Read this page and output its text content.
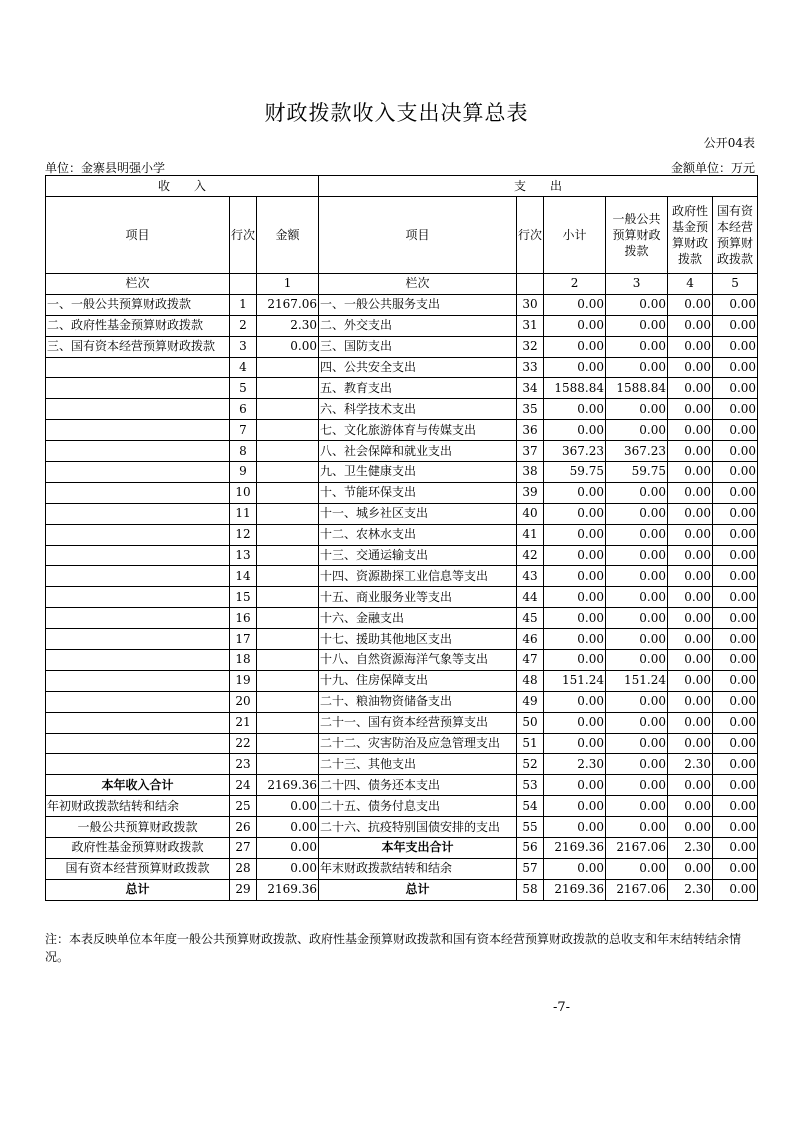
财政拨款收入支出决算总表
公开04表
单位：金寨县明强小学	金额单位：万元
收　　入			支　　出					
项目	行次	金额	项目	行次	小计	一般公共预算财政拨款	政府性基金预算财政拨款	国有资本经营预算财政拨款
栏次		1	栏次		2	3	4	5
一、一般公共预算财政拨款	1	2167.06	一、一般公共服务支出	30	0.00	0.00	0.00	0.00
二、政府性基金预算财政拨款	2	2.30	二、外交支出	31	0.00	0.00	0.00	0.00
三、国有资本经营预算财政拨款	3	0.00	三、国防支出	32	0.00	0.00	0.00	0.00
	4		四、公共安全支出	33	0.00	0.00	0.00	0.00
	5		五、教育支出	34	1588.84	1588.84	0.00	0.00
	6		六、科学技术支出	35	0.00	0.00	0.00	0.00
	7		七、文化旅游体育与传媒支出	36	0.00	0.00	0.00	0.00
	8		八、社会保障和就业支出	37	367.23	367.23	0.00	0.00
	9		九、卫生健康支出	38	59.75	59.75	0.00	0.00
	10		十、节能环保支出	39	0.00	0.00	0.00	0.00
	11		十一、城乡社区支出	40	0.00	0.00	0.00	0.00
	12		十二、农林水支出	41	0.00	0.00	0.00	0.00
	13		十三、交通运输支出	42	0.00	0.00	0.00	0.00
	14		十四、资源勘探工业信息等支出	43	0.00	0.00	0.00	0.00
	15		十五、商业服务业等支出	44	0.00	0.00	0.00	0.00
	16		十六、金融支出	45	0.00	0.00	0.00	0.00
	17		十七、援助其他地区支出	46	0.00	0.00	0.00	0.00
	18		十八、自然资源海洋气象等支出	47	0.00	0.00	0.00	0.00
	19		十九、住房保障支出	48	151.24	151.24	0.00	0.00
	20		二十、粮油物资储备支出	49	0.00	0.00	0.00	0.00
	21		二十一、国有资本经营预算支出	50	0.00	0.00	0.00	0.00
	22		二十二、灾害防治及应急管理支出	51	0.00	0.00	0.00	0.00
	23		二十三、其他支出	52	2.30	0.00	2.30	0.00
本年收入合计	24	2169.36	二十四、债务还本支出	53	0.00	0.00	0.00	0.00
年初财政拨款结转和结余	25	0.00	二十五、债务付息支出	54	0.00	0.00	0.00	0.00
一般公共预算财政拨款	26	0.00	二十六、抗疫特别国债安排的支出	55	0.00	0.00	0.00	0.00
政府性基金预算财政拨款	27	0.00	本年支出合计	56	2169.36	2167.06	2.30	0.00
国有资本经营预算财政拨款	28	0.00	年末财政拨款结转和结余	57	0.00	0.00	0.00	0.00
总计	29	2169.36	总计	58	2169.36	2167.06	2.30	0.00
注：本表反映单位本年度一般公共预算财政拨款、政府性基金预算财政拨款和国有资本经营预算财政拨款的总收支和年末结转结余情况。
-7-
